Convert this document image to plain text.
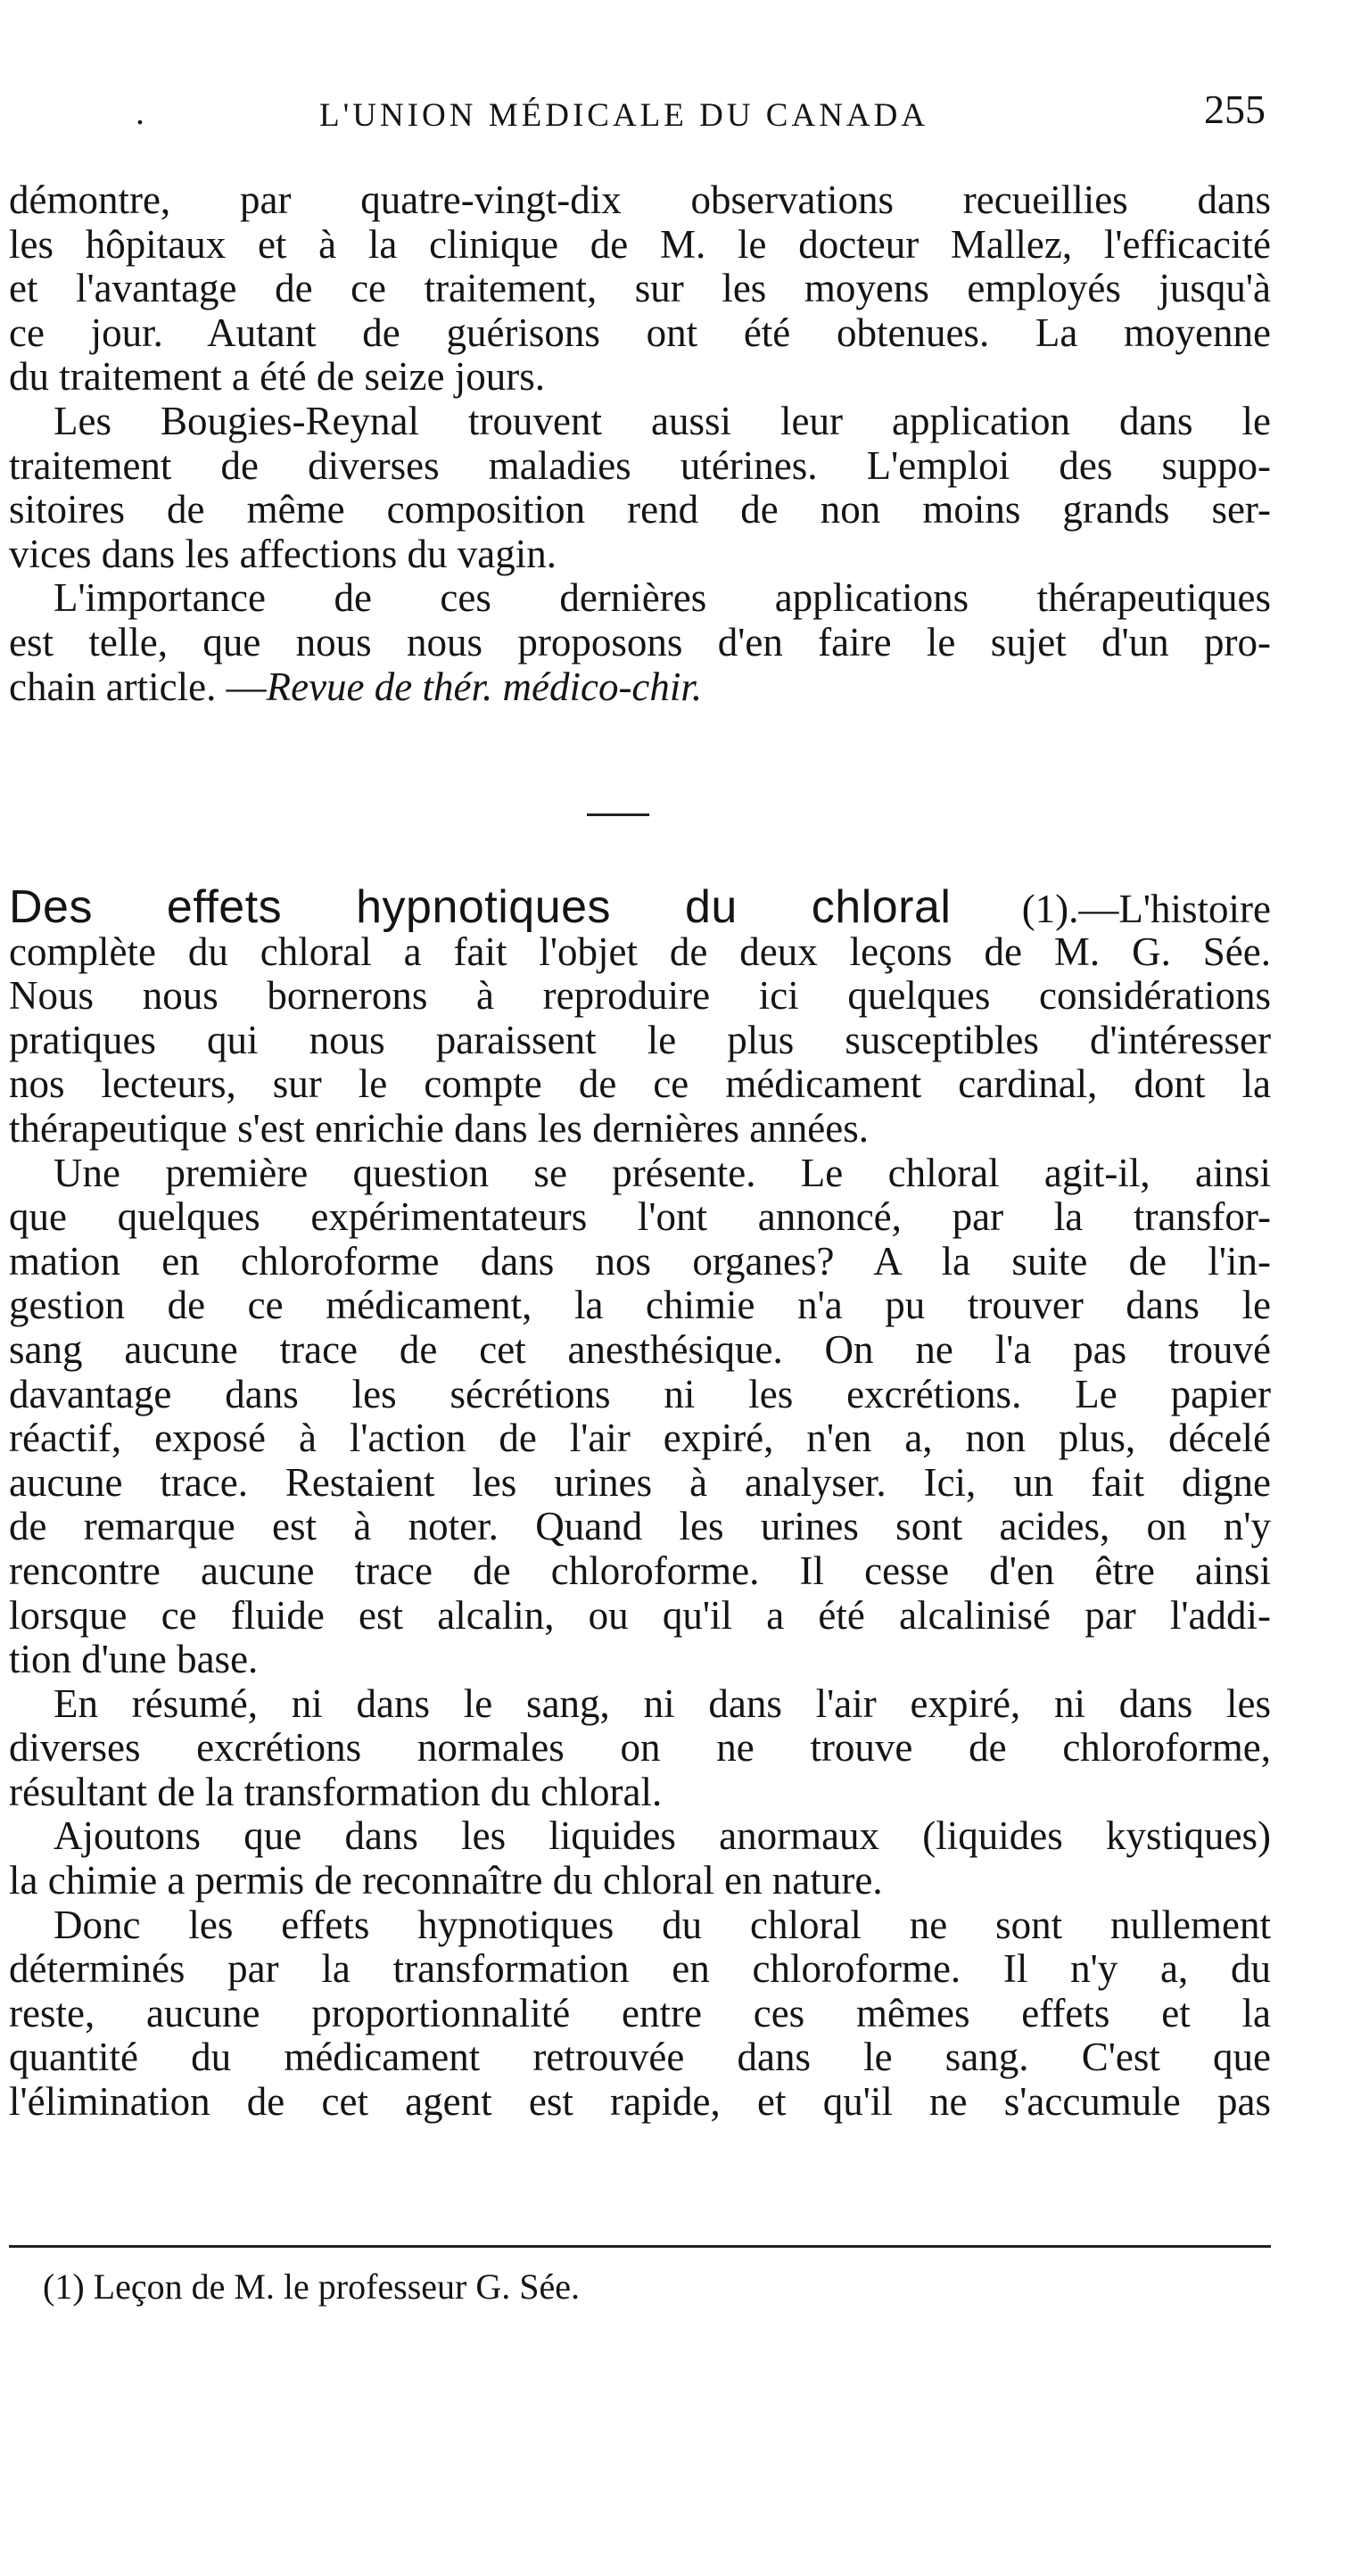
.	L'UNION MÉDICALE DU CANADA	255
démontre, par quatre-vingt-dix observations recueillies dans
les hôpitaux et à la clinique de M. le docteur Mallez, l'efficacité
et l'avantage de ce traitement, sur les moyens employés jusqu'à
ce jour. Autant de guérisons ont été obtenues. La moyenne
du traitement a été de seize jours.
Les Bougies-Reynal trouvent aussi leur application dans le
traitement de diverses maladies utérines. L'emploi des suppo-
sitoires de même composition rend de non moins grands ser-
vices dans les affections du vagin.
L'importance de ces dernières applications thérapeutiques
est telle, que nous nous proposons d'en faire le sujet d'un pro-
chain article. —Revue de thér. médico-chir.
Des effets hypnotiques du chloral (1).—L'histoire
complète du chloral a fait l'objet de deux leçons de M. G. Sée.
Nous nous bornerons à reproduire ici quelques considérations
pratiques qui nous paraissent le plus susceptibles d'intéresser
nos lecteurs, sur le compte de ce médicament cardinal, dont la
thérapeutique s'est enrichie dans les dernières années.
Une première question se présente. Le chloral agit-il, ainsi
que quelques expérimentateurs l'ont annoncé, par la transfor-
mation en chloroforme dans nos organes? A la suite de l'in-
gestion de ce médicament, la chimie n'a pu trouver dans le
sang aucune trace de cet anesthésique. On ne l'a pas trouvé
davantage dans les sécrétions ni les excrétions. Le papier
réactif, exposé à l'action de l'air expiré, n'en a, non plus, décelé
aucune trace. Restaient les urines à analyser. Ici, un fait digne
de remarque est à noter. Quand les urines sont acides, on n'y
rencontre aucune trace de chloroforme. Il cesse d'en être ainsi
lorsque ce fluide est alcalin, ou qu'il a été alcalinisé par l'addi-
tion d'une base.
En résumé, ni dans le sang, ni dans l'air expiré, ni dans les
diverses excrétions normales on ne trouve de chloroforme,
résultant de la transformation du chloral.
Ajoutons que dans les liquides anormaux (liquides kystiques)
la chimie a permis de reconnaître du chloral en nature.
Donc les effets hypnotiques du chloral ne sont nullement
déterminés par la transformation en chloroforme. Il n'y a, du
reste, aucune proportionnalité entre ces mêmes effets et la
quantité du médicament retrouvée dans le sang. C'est que
l'élimination de cet agent est rapide, et qu'il ne s'accumule pas
(1) Leçon de M. le professeur G. Sée.
